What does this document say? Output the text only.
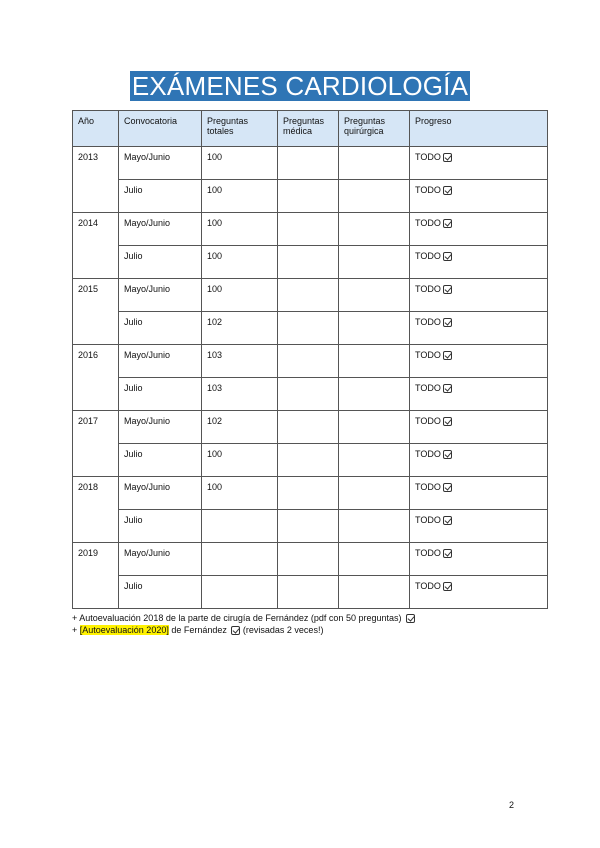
EXÁMENES CARDIOLOGÍA
Año	Convocatoria	Preguntas totales	Preguntas médica	Preguntas quirúrgica	Progreso
2013	Mayo/Junio	100			TODO
	Julio	100			TODO
2014	Mayo/Junio	100			TODO
	Julio	100			TODO
2015	Mayo/Junio	100			TODO
	Julio	102			TODO
2016	Mayo/Junio	103			TODO
	Julio	103			TODO
2017	Mayo/Junio	102			TODO
	Julio	100			TODO
2018	Mayo/Junio	100			TODO
	Julio				TODO
2019	Mayo/Junio				TODO
	Julio				TODO
+ Autoevaluación 2018 de la parte de cirugía de Fernández (pdf con 50 preguntas)
+ [Autoevaluación 2020] de Fernández  (revisadas 2 veces!)
2
